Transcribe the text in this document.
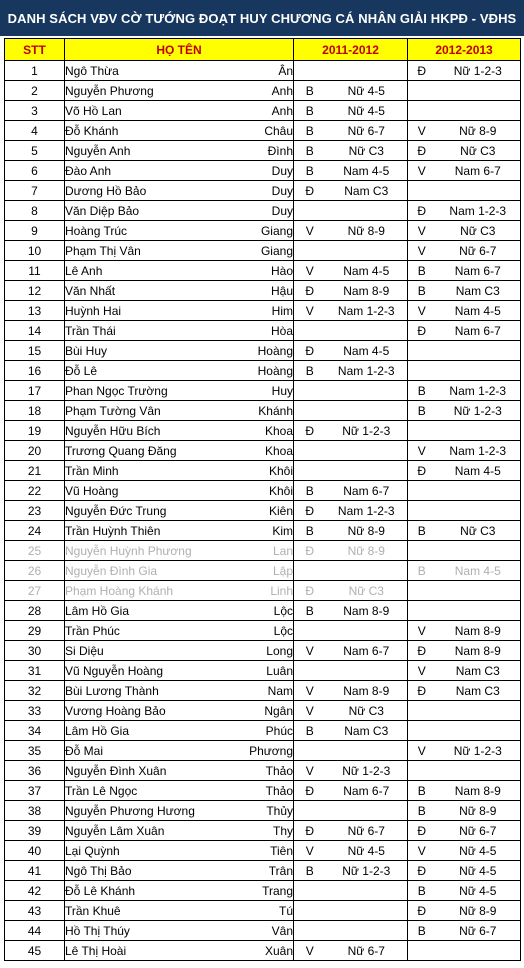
DANH SÁCH VĐV CỜ TƯỚNG ĐOẠT HUY CHƯƠNG CÁ NHÂN GIẢI HKPĐ - VĐHS
STT	HỌ TÊN		2011-2012		2012-2013	
1	Ngô Thừa	Ân			Đ	Nữ 1-2-3
2	Nguyễn Phương	Anh	B	Nữ 4-5		
3	Võ Hồ Lan	Anh	B	Nữ 4-5		
4	Đỗ Khánh	Châu	B	Nữ 6-7	V	Nữ 8-9
5	Nguyễn Anh	Đình	B	Nữ C3	Đ	Nữ C3
6	Đào Anh	Duy	B	Nam 4-5	V	Nam 6-7
7	Dương Hồ Bảo	Duy	Đ	Nam C3		
8	Văn Diệp Bảo	Duy			Đ	Nam 1-2-3
9	Hoàng Trúc	Giang	V	Nữ 8-9	V	Nữ C3
10	Phạm Thị Vân	Giang			V	Nữ 6-7
11	Lê Anh	Hào	V	Nam 4-5	B	Nam 6-7
12	Văn Nhất	Hậu	Đ	Nam 8-9	B	Nam C3
13	Huỳnh Hai	Him	V	Nam 1-2-3	V	Nam 4-5
14	Trần Thái	Hòa			Đ	Nam 6-7
15	Bùi Huy	Hoàng	Đ	Nam 4-5		
16	Đỗ Lê	Hoàng	B	Nam 1-2-3		
17	Phan Ngọc Trường	Huy			B	Nam 1-2-3
18	Phạm Tường Vân	Khánh			B	Nữ 1-2-3
19	Nguyễn Hữu Bích	Khoa	Đ	Nữ 1-2-3		
20	Trương Quang Đăng	Khoa			V	Nam 1-2-3
21	Trần Minh	Khôi			Đ	Nam 4-5
22	Vũ Hoàng	Khôi	B	Nam 6-7		
23	Nguyễn Đức Trung	Kiên	Đ	Nam 1-2-3		
24	Trần Huỳnh Thiên	Kim	B	Nữ 8-9	B	Nữ C3
25	Nguyễn Huỳnh Phương	Lan	Đ	Nữ 8-9		
26	Nguyễn Đình Gia	Lập			B	Nam 4-5
27	Phạm Hoàng Khánh	Linh	Đ	Nữ C3		
28	Lâm Hồ Gia	Lộc	B	Nam 8-9		
29	Trần Phúc	Lộc			V	Nam 8-9
30	Si Diệu	Long	V	Nam 6-7	Đ	Nam 8-9
31	Vũ Nguyễn Hoàng	Luân			V	Nam C3
32	Bùi Lương Thành	Nam	V	Nam 8-9	Đ	Nam C3
33	Vương Hoàng Bảo	Ngân	V	Nữ C3		
34	Lâm Hồ Gia	Phúc	B	Nam C3		
35	Đỗ Mai	Phương			V	Nữ 1-2-3
36	Nguyễn Đình Xuân	Thảo	V	Nữ 1-2-3		
37	Trần Lê Ngọc	Thảo	Đ	Nam 6-7	B	Nam 8-9
38	Nguyễn Phương Hương	Thủy			B	Nữ 8-9
39	Nguyễn Lâm Xuân	Thy	Đ	Nữ 6-7	Đ	Nữ 6-7
40	Lại Quỳnh	Tiên	V	Nữ 4-5	V	Nữ 4-5
41	Ngô Thị Bảo	Trân	B	Nữ 1-2-3	Đ	Nữ 4-5
42	Đỗ Lê Khánh	Trang			B	Nữ 4-5
43	Trần Khuê	Tú			Đ	Nữ 8-9
44	Hồ Thị Thúy	Vân			B	Nữ 6-7
45	Lê Thị Hoài	Xuân	V	Nữ 6-7		
